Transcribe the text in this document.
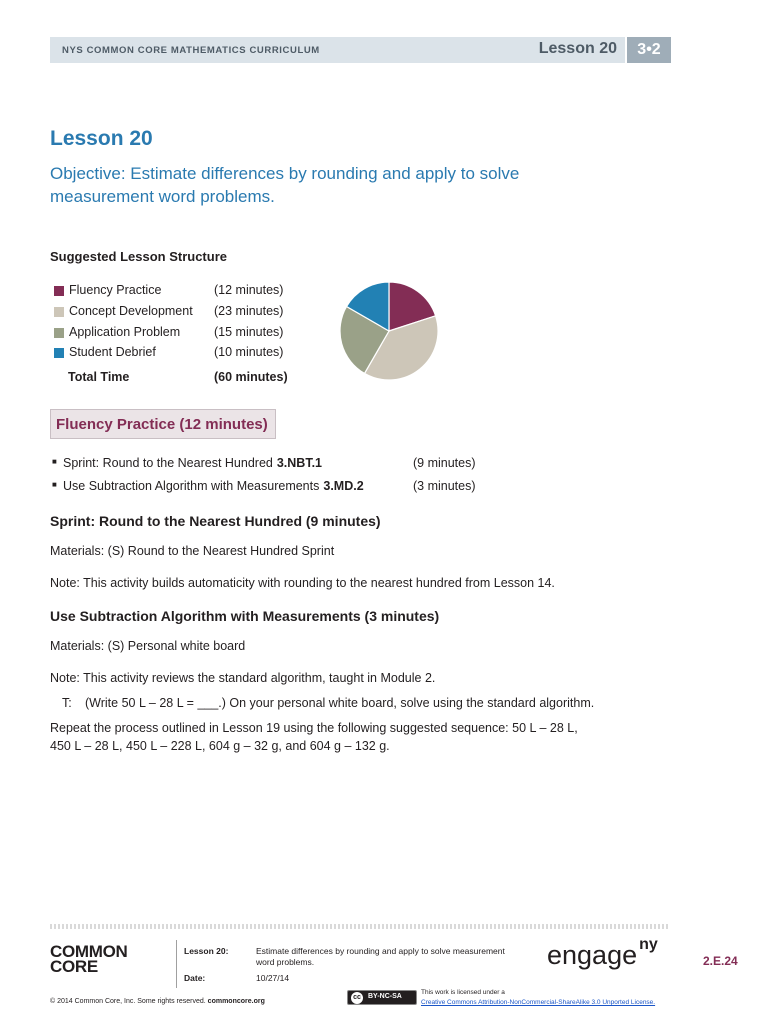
NYS COMMON CORE MATHEMATICS CURRICULUM	Lesson 20	3•2
Lesson 20
Objective: Estimate differences by rounding and apply to solve measurement word problems.
Suggested Lesson Structure
Fluency Practice	(12 minutes)
Concept Development (23 minutes)
Application Problem	(15 minutes)
Student Debrief	(10 minutes)
Total Time	(60 minutes)
Fluency Practice (12 minutes)
■ Sprint: Round to the Nearest Hundred 3.NBT.1	(9 minutes)
■ Use Subtraction Algorithm with Measurements 3.MD.2	(3 minutes)
Sprint: Round to the Nearest Hundred (9 minutes)
Materials: (S) Round to the Nearest Hundred Sprint
Note: This activity builds automaticity with rounding to the nearest hundred from Lesson 14.
Use Subtraction Algorithm with Measurements (3 minutes)
Materials: (S) Personal white board
Note: This activity reviews the standard algorithm, taught in Module 2.
T: (Write 50 L – 28 L = ___.) On your personal white board, solve using the standard algorithm.
Repeat the process outlined in Lesson 19 using the following suggested sequence: 50 L – 28 L,
450 L – 28 L, 450 L – 228 L, 604 g – 32 g, and 604 g – 132 g.
COMMON
CORE
Lesson 20:	Estimate differences by rounding and apply to solve measurement
word problems.
Date:	10/27/14
engage $^{ny}$
2.E.24
© 2014 Common Core, Inc. Some rights reserved. commoncore.org
cc	BY-NC-SA
This work is licensed under a
Creative Commons Attribution-NonCommercial-ShareAlike 3.0 Unported License.
